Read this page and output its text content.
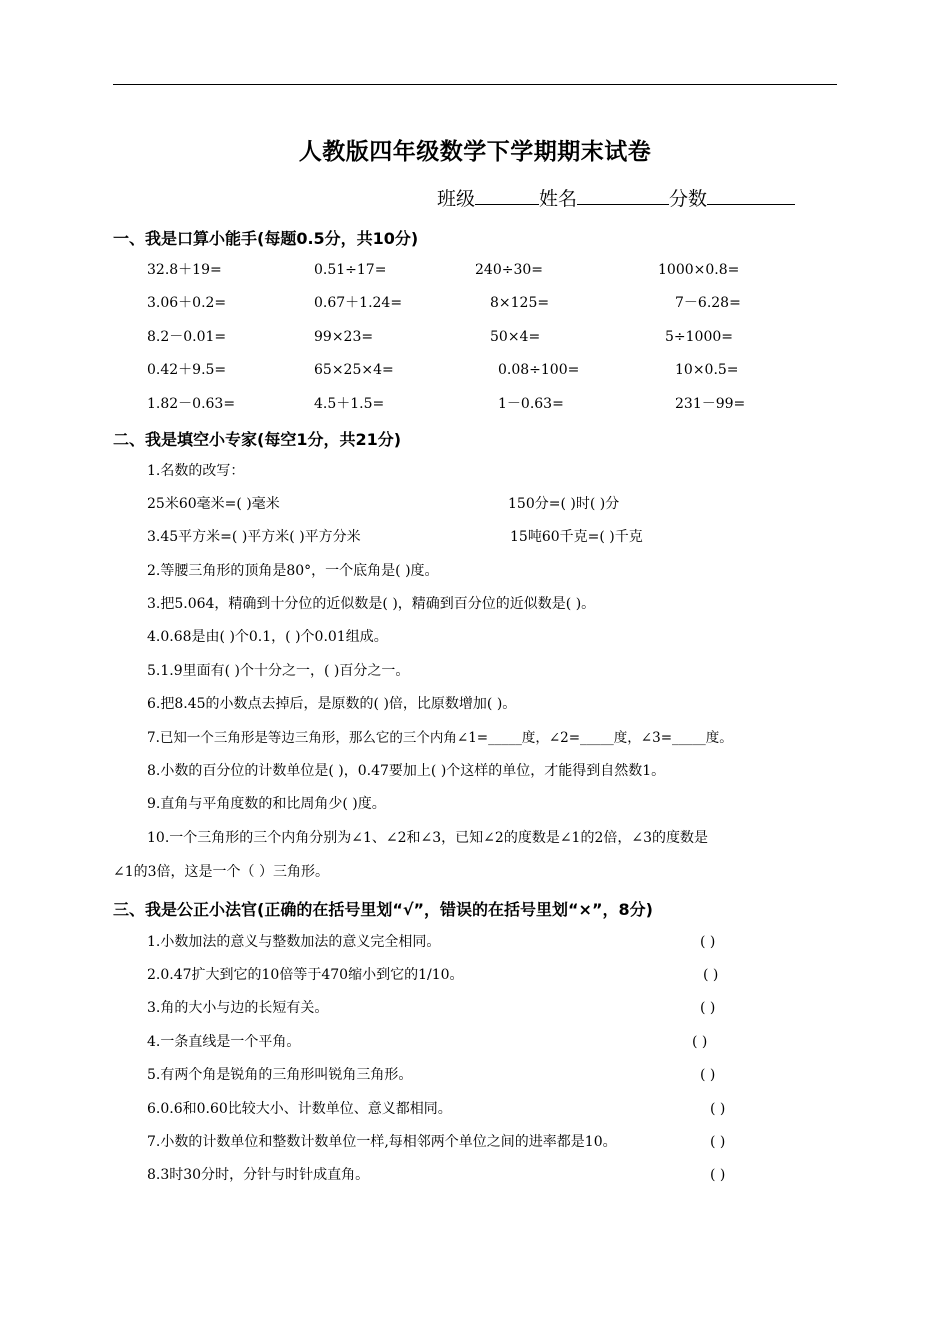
人教版四年级数学下学期期末试卷
班级	姓名	分数
一、我是口算小能手(每题0.5分，共10分)
32.8＋19=	0.51÷17=	240÷30=	1000×0.8=
3.06＋0.2=	0.67＋1.24=	8×125=	7－6.28=
8.2－0.01=	99×23=	50×4=	5÷1000=
0.42＋9.5=	65×25×4=	0.08÷100=	10×0.5=
1.82－0.63=	4.5＋1.5=	1－0.63=	231－99=
二、我是填空小专家(每空1分，共21分)
1.名数的改写：
25米60毫米=( )毫米	150分=( )时( )分
3.45平方米=( )平方米( )平方分米	15吨60千克=( )千克
2.等腰三角形的顶角是80°，一个底角是( )度。
3.把5.064，精确到十分位的近似数是( )，精确到百分位的近似数是( )。
4.0.68是由( )个0.1，( )个0.01组成。
5.1.9里面有( )个十分之一，( )百分之一。
6.把8.45的小数点去掉后，是原数的( )倍，比原数增加( )。
7.已知一个三角形是等边三角形，那么它的三个内角∠1=_____度，∠2=_____度，∠3=_____度。
8.小数的百分位的计数单位是( )，0.47要加上( )个这样的单位，才能得到自然数1。
9.直角与平角度数的和比周角少( )度。
10.一个三角形的三个内角分别为∠1、∠2和∠3，已知∠2的度数是∠1的2倍，∠3的度数是
∠1的3倍，这是一个（ ）三角形。
三、我是公正小法官(正确的在括号里划“√”，错误的在括号里划“×”，8分)
1.小数加法的意义与整数加法的意义完全相同。	( )
2.0.47扩大到它的10倍等于470缩小到它的1/10。	( )
3.角的大小与边的长短有关。	( )
4.一条直线是一个平角。	( )
5.有两个角是锐角的三角形叫锐角三角形。	( )
6.0.6和0.60比较大小、计数单位、意义都相同。	( )
7.小数的计数单位和整数计数单位一样,每相邻两个单位之间的进率都是10。	( )
8.3时30分时，分针与时针成直角。	( )
